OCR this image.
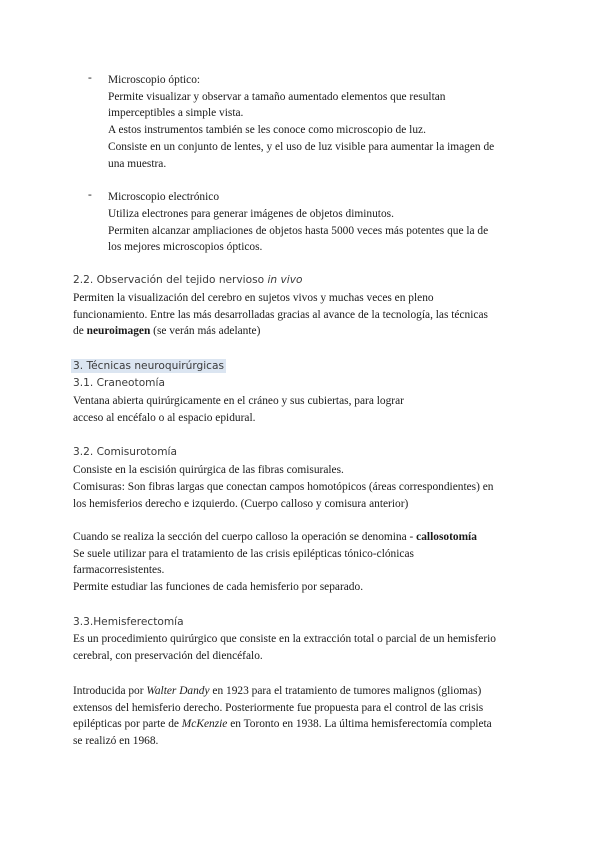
- Microscopio óptico:
Permite visualizar y observar a tamaño aumentado elementos que resultan
imperceptibles a simple vista.
A estos instrumentos también se les conoce como microscopio de luz.
Consiste en un conjunto de lentes, y el uso de luz visible para aumentar la imagen de
una muestra.
- Microscopio electrónico
Utiliza electrones para generar imágenes de objetos diminutos.
Permiten alcanzar ampliaciones de objetos hasta 5000 veces más potentes que la de
los mejores microscopios ópticos.
2.2. Observación del tejido nervioso in vivo
Permiten la visualización del cerebro en sujetos vivos y muchas veces en pleno
funcionamiento. Entre las más desarrolladas gracias al avance de la tecnología, las técnicas
de neuroimagen (se verán más adelante)
3. Técnicas neuroquirúrgicas
3.1. Craneotomía
Ventana abierta quirúrgicamente en el cráneo y sus cubiertas, para lograr
acceso al encéfalo o al espacio epidural.
3.2. Comisurotomía
Consiste en la escisión quirúrgica de las fibras comisurales.
Comisuras: Son fibras largas que conectan campos homotópicos (áreas correspondientes) en
los hemisferios derecho e izquierdo. (Cuerpo calloso y comisura anterior)
Cuando se realiza la sección del cuerpo calloso la operación se denomina - callosotomía
Se suele utilizar para el tratamiento de las crisis epilépticas tónico-clónicas
farmacorresistentes.
Permite estudiar las funciones de cada hemisferio por separado.
3.3.Hemisferectomía
Es un procedimiento quirúrgico que consiste en la extracción total o parcial de un hemisferio
cerebral, con preservación del diencéfalo.
Introducida por Walter Dandy en 1923 para el tratamiento de tumores malignos (gliomas)
extensos del hemisferio derecho. Posteriormente fue propuesta para el control de las crisis
epilépticas por parte de McKenzie en Toronto en 1938. La última hemisferectomía completa
se realizó en 1968.
